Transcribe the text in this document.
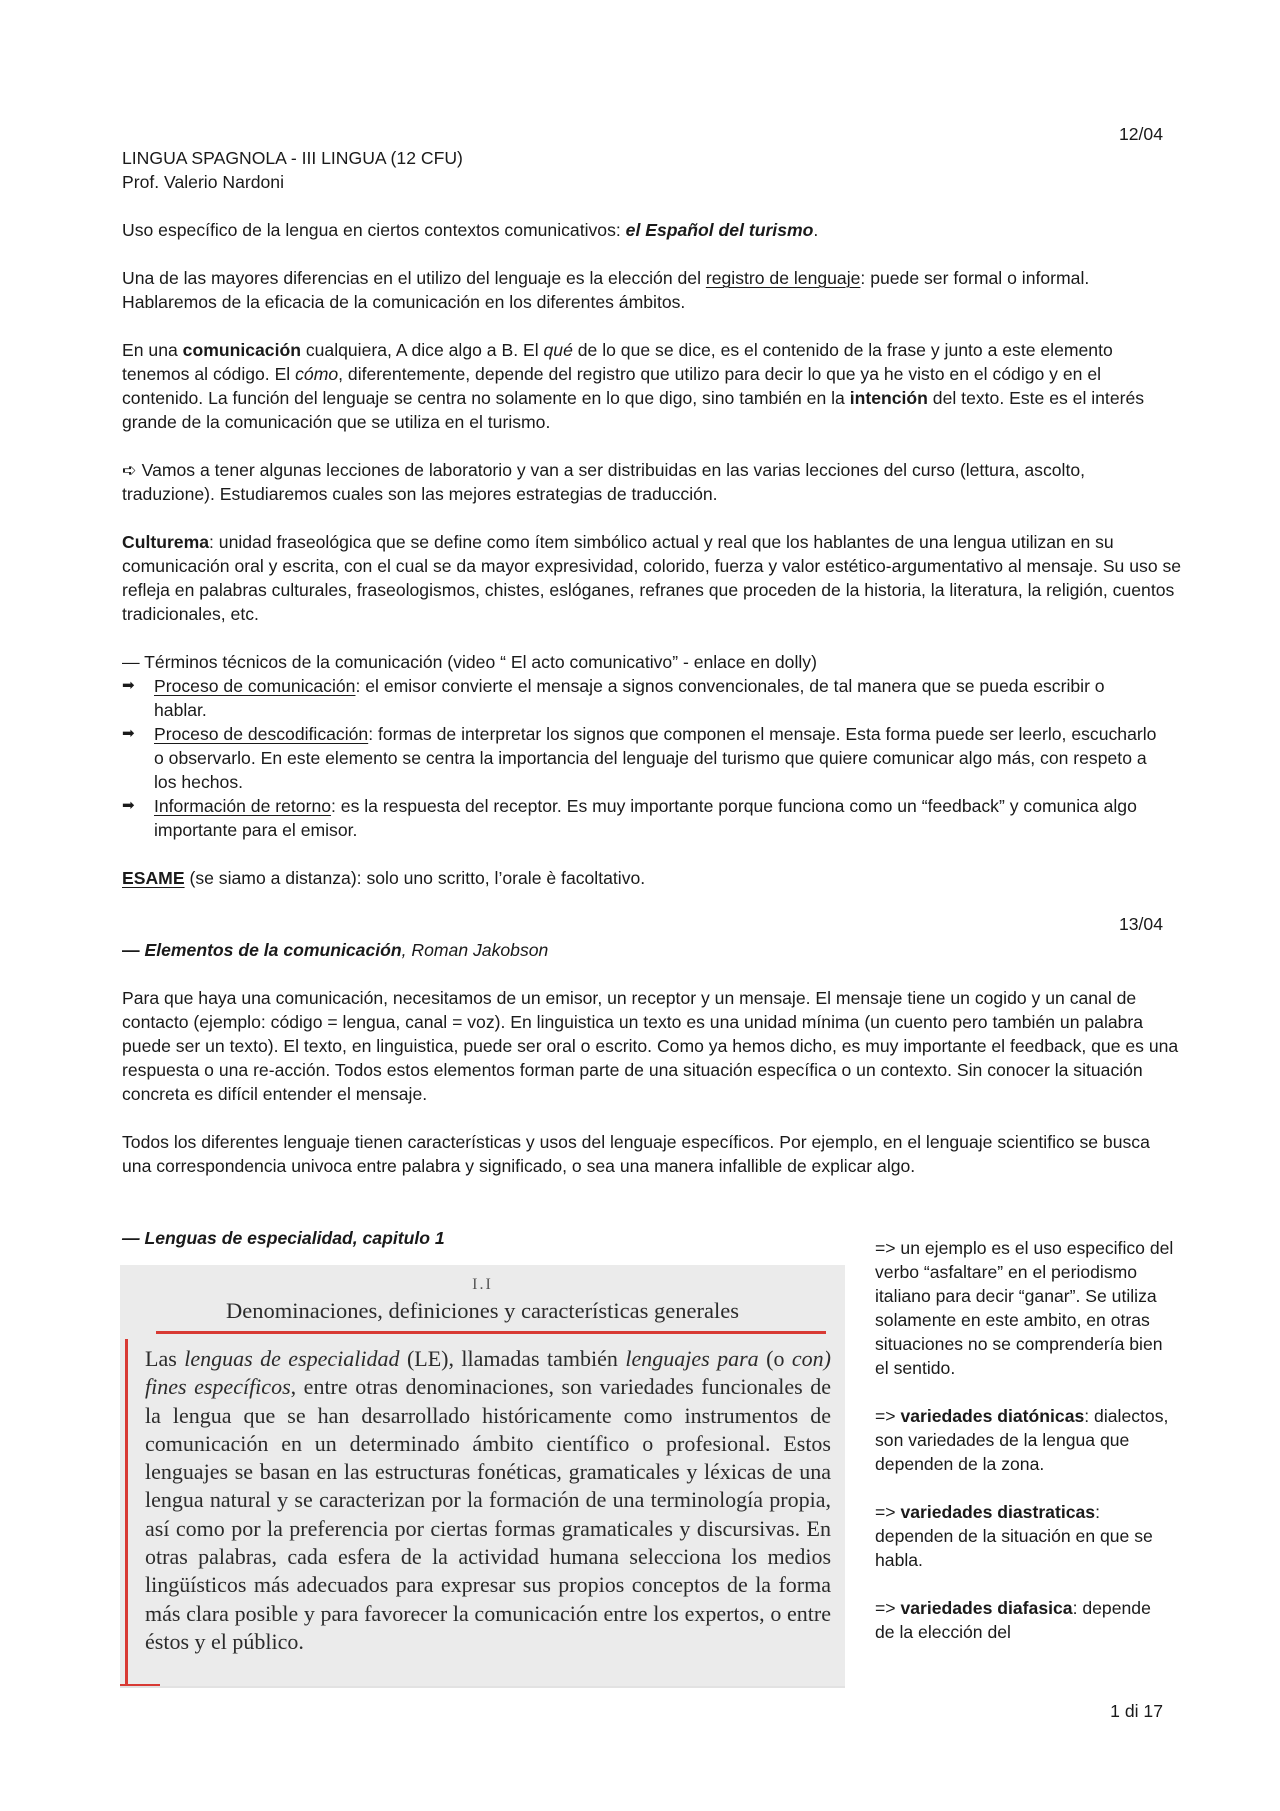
12/04

LINGUA SPAGNOLA - III LINGUA (12 CFU)

Prof. Valerio Nardoni

Uso específico de la lengua en ciertos contextos comunicativos: el Español del turismo.

Una de las mayores diferencias en el utilizo del lenguaje es la elección del registro de lenguaje: puede ser formal o informal. Hablaremos de la eficacia de la comunicación en los diferentes ámbitos.

En una comunicación cualquiera, A dice algo a B. El qué de lo que se dice, es el contenido de la frase y junto a este elemento tenemos al código. El cómo, diferentemente, depende del registro que utilizo para decir lo que ya he visto en el código y en el contenido. La función del lenguaje se centra no solamente en lo que digo, sino también en la intención del texto. Este es el interés grande de la comunicación que se utiliza en el turismo.

➪ Vamos a tener algunas lecciones de laboratorio y van a ser distribuidas en las varias lecciones del curso (lettura, ascolto, traduzione). Estudiaremos cuales son las mejores estrategias de traducción.

Culturema: unidad fraseológica que se define como ítem simbólico actual y real que los hablantes de una lengua utilizan en su comunicación oral y escrita, con el cual se da mayor expresividad, colorido, fuerza y valor estético-argumentativo al mensaje. Su uso se refleja en palabras culturales, fraseologismos, chistes, eslóganes, refranes que proceden de la historia, la literatura, la religión, cuentos tradicionales, etc.

— Términos técnicos de la comunicación (video “ El acto comunicativo” - enlace en dolly)

➡ Proceso de comunicación: el emisor convierte el mensaje a signos convencionales, de tal manera que se pueda escribir o hablar.
➡ Proceso de descodificación: formas de interpretar los signos que componen el mensaje. Esta forma puede ser leerlo, escucharlo o observarlo. En este elemento se centra la importancia del lenguaje del turismo que quiere comunicar algo más, con respeto a los hechos.
➡ Información de retorno: es la respuesta del receptor. Es muy importante porque funciona como un “feedback” y comunica algo importante para el emisor.

ESAME (se siamo a distanza): solo uno scritto, l’orale è facoltativo.

13/04

— Elementos de la comunicación, Roman Jakobson

Para que haya una comunicación, necesitamos de un emisor, un receptor y un mensaje. El mensaje tiene un cogido y un canal de contacto (ejemplo: código = lengua, canal = voz). En linguistica un texto es una unidad mínima (un cuento pero también un palabra puede ser un texto). El texto, en linguistica, puede ser oral o escrito. Como ya hemos dicho, es muy importante el feedback, que es una respuesta o una re-acción. Todos estos elementos forman parte de una situación específica o un contexto. Sin conocer la situación concreta es difícil entender el mensaje.

Todos los diferentes lenguaje tienen características y usos del lenguaje específicos. Por ejemplo, en el lenguaje scientifico se busca una correspondencia univoca entre palabra y significado, o sea una manera infallible de explicar algo.

— Lenguas de especialidad, capitulo 1

I.I
Denominaciones, definiciones y características generales
Las lenguas de especialidad (LE), llamadas también lenguajes para (o con) fines específicos, entre otras denominaciones, son variedades funcionales de la lengua que se han desarrollado históricamente como instrumentos de comunicación en un determinado ámbito científico o profesional. Estos lenguajes se basan en las estructuras fonéticas, gramaticales y léxicas de una lengua natural y se caracterizan por la formación de una terminología propia, así como por la preferencia por ciertas formas gramaticales y discursivas. En otras palabras, cada esfera de la actividad humana selecciona los medios lingüísticos más adecuados para expresar sus propios conceptos de la forma más clara posible y para favorecer la comunicación entre los expertos, o entre éstos y el público.

=> un ejemplo es el uso especifico del verbo “asfaltare” en el periodismo italiano para decir “ganar”. Se utiliza solamente en este ambito, en otras situaciones no se comprendería bien el sentido.

=> variedades diatónicas: dialectos, son variedades de la lengua que dependen de la zona.

=> variedades diastraticas: dependen de la situación en que se habla.

=> variedades diafasica: depende de la elección del

1 di 17
